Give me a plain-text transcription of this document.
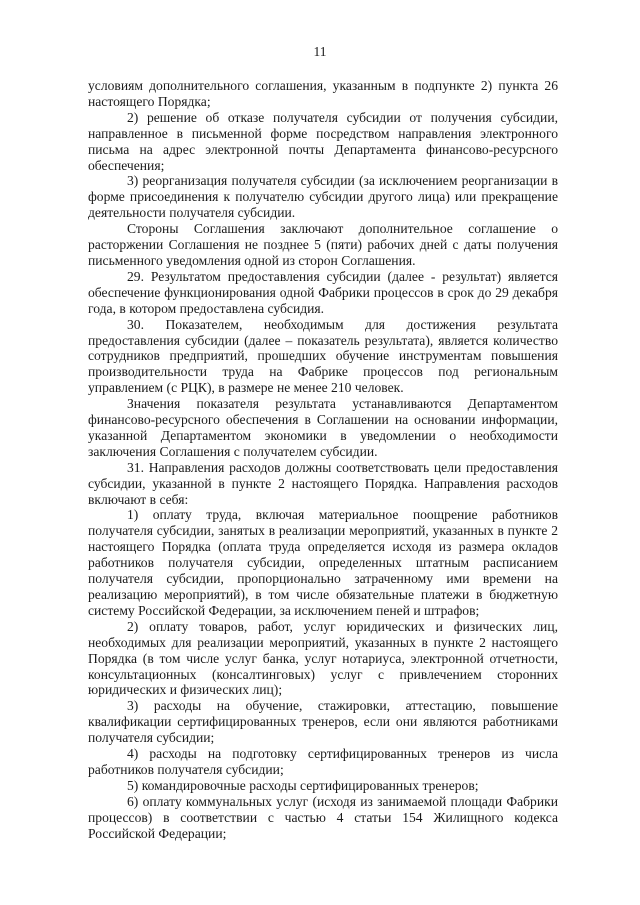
11

условиям дополнительного соглашения, указанным в подпункте 2) пункта 26 настоящего Порядка;

2) решение об отказе получателя субсидии от получения субсидии, направленное в письменной форме посредством направления электронного письма на адрес электронной почты Департамента финансово-ресурсного обеспечения;

3) реорганизация получателя субсидии (за исключением реорганизации в форме присоединения к получателю субсидии другого лица) или прекращение деятельности получателя субсидии.

Стороны Соглашения заключают дополнительное соглашение о расторжении Соглашения не позднее 5 (пяти) рабочих дней с даты получения письменного уведомления одной из сторон Соглашения.

29. Результатом предоставления субсидии (далее - результат) является обеспечение функционирования одной Фабрики процессов в срок до 29 декабря года, в котором предоставлена субсидия.

30. Показателем, необходимым для достижения результата предоставления субсидии (далее – показатель результата), является количество сотрудников предприятий, прошедших обучение инструментам повышения производительности труда на Фабрике процессов под региональным управлением (с РЦК), в размере не менее 210 человек.

Значения показателя результата устанавливаются Департаментом финансово-ресурсного обеспечения в Соглашении на основании информации, указанной Департаментом экономики в уведомлении о необходимости заключения Соглашения с получателем субсидии.

31. Направления расходов должны соответствовать цели предоставления субсидии, указанной в пункте 2 настоящего Порядка. Направления расходов включают в себя:

1) оплату труда, включая материальное поощрение работников получателя субсидии, занятых в реализации мероприятий, указанных в пункте 2 настоящего Порядка (оплата труда определяется исходя из размера окладов работников получателя субсидии, определенных штатным расписанием получателя субсидии, пропорционально затраченному ими времени на реализацию мероприятий), в том числе обязательные платежи в бюджетную систему Российской Федерации, за исключением пеней и штрафов;

2) оплату товаров, работ, услуг юридических и физических лиц, необходимых для реализации мероприятий, указанных в пункте 2 настоящего Порядка (в том числе услуг банка, услуг нотариуса, электронной отчетности, консультационных (консалтинговых) услуг с привлечением сторонних юридических и физических лиц);

3) расходы на обучение, стажировки, аттестацию, повышение квалификации сертифицированных тренеров, если они являются работниками получателя субсидии;

4) расходы на подготовку сертифицированных тренеров из числа работников получателя субсидии;

5) командировочные расходы сертифицированных тренеров;

6) оплату коммунальных услуг (исходя из занимаемой площади Фабрики процессов) в соответствии с частью 4 статьи 154 Жилищного кодекса Российской Федерации;
